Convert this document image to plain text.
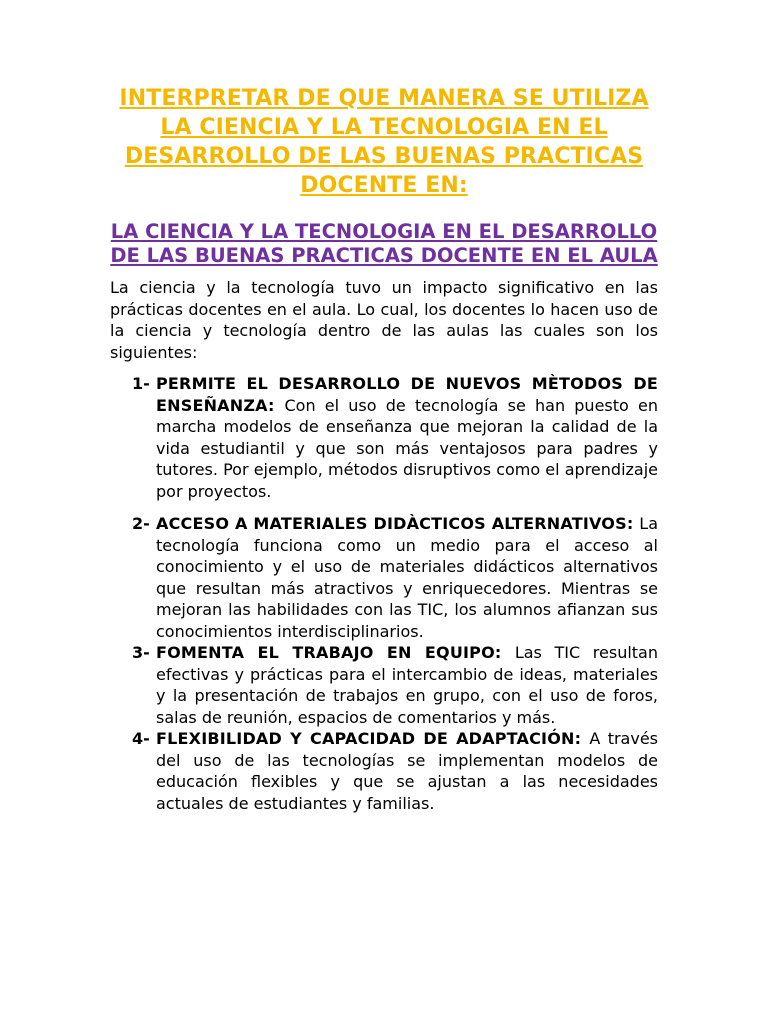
INTERPRETAR DE QUE MANERA SE UTILIZA LA CIENCIA Y LA TECNOLOGIA EN EL DESARROLLO DE LAS BUENAS PRACTICAS DOCENTE EN:
LA CIENCIA Y LA TECNOLOGIA EN EL DESARROLLO DE LAS BUENAS PRACTICAS DOCENTE EN EL AULA

La ciencia y la tecnología tuvo un impacto significativo en las prácticas docentes en el aula. Lo cual, los docentes lo hacen uso de la ciencia y tecnología dentro de las aulas las cuales son los siguientes:

1- PERMITE EL DESARROLLO DE NUEVOS MÈTODOS DE ENSEÑANZA: Con el uso de tecnología se han puesto en marcha modelos de enseñanza que mejoran la calidad de la vida estudiantil y que son más ventajosos para padres y tutores. Por ejemplo, métodos disruptivos como el aprendizaje por proyectos.
2- ACCESO A MATERIALES DIDÀCTICOS ALTERNATIVOS: La tecnología funciona como un medio para el acceso al conocimiento y el uso de materiales didácticos alternativos que resultan más atractivos y enriquecedores. Mientras se mejoran las habilidades con las TIC, los alumnos afianzan sus conocimientos interdisciplinarios.
3- FOMENTA EL TRABAJO EN EQUIPO: Las TIC resultan efectivas y prácticas para el intercambio de ideas, materiales y la presentación de trabajos en grupo, con el uso de foros, salas de reunión, espacios de comentarios y más.
4- FLEXIBILIDAD Y CAPACIDAD DE ADAPTACIÓN: A través del uso de las tecnologías se implementan modelos de educación flexibles y que se ajustan a las necesidades actuales de estudiantes y familias.
